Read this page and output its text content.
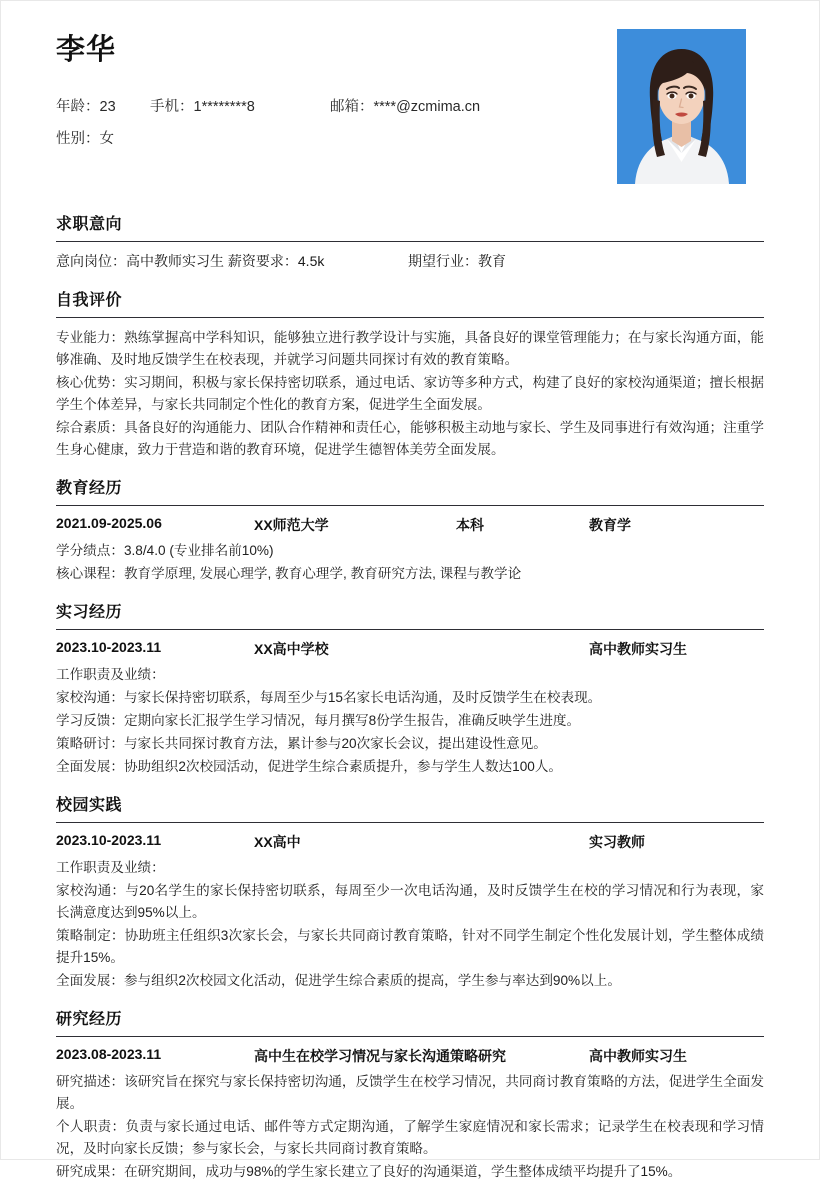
李华
年龄： 23 手机： 1********8	邮箱： ****@zcmima.cn
性别： 女
求职意向
意向岗位：高中教师实习生 薪资要求：4.5k	期望行业：教育
自我评价
专业能力：熟练掌握高中学科知识，能够独立进行教学设计与实施，具备良好的课堂管理能力；在与家长沟通方面，能够准确、及时地反馈学生在校表现，并就学习问题共同探讨有效的教育策略。
核心优势：实习期间，积极与家长保持密切联系，通过电话、家访等多种方式，构建了良好的家校沟通渠道；擅长根据学生个体差异，与家长共同制定个性化的教育方案，促进学生全面发展。
综合素质：具备良好的沟通能力、团队合作精神和责任心，能够积极主动地与家长、学生及同事进行有效沟通；注重学生身心健康，致力于营造和谐的教育环境，促进学生德智体美劳全面发展。
教育经历
2021.09-2025.06	XX师范大学	本科	教育学
学分绩点：3.8/4.0 (专业排名前10%)
核心课程：教育学原理, 发展心理学, 教育心理学, 教育研究方法, 课程与教学论
实习经历
2023.10-2023.11	XX高中学校	高中教师实习生
工作职责及业绩：
家校沟通：与家长保持密切联系，每周至少与15名家长电话沟通，及时反馈学生在校表现。
学习反馈：定期向家长汇报学生学习情况，每月撰写8份学生报告，准确反映学生进度。
策略研讨：与家长共同探讨教育方法，累计参与20次家长会议，提出建设性意见。
全面发展：协助组织2次校园活动，促进学生综合素质提升，参与学生人数达100人。
校园实践
2023.10-2023.11	XX高中	实习教师
工作职责及业绩：
家校沟通：与20名学生的家长保持密切联系，每周至少一次电话沟通，及时反馈学生在校的学习情况和行为表现，家长满意度达到95%以上。
策略制定：协助班主任组织3次家长会，与家长共同商讨教育策略，针对不同学生制定个性化发展计划，学生整体成绩提升15%。
全面发展：参与组织2次校园文化活动，促进学生综合素质的提高，学生参与率达到90%以上。
研究经历
2023.08-2023.11	高中生在校学习情况与家长沟通策略研究	高中教师实习生
研究描述：该研究旨在探究与家长保持密切沟通，反馈学生在校学习情况，共同商讨教育策略的方法，促进学生全面发展。
个人职责：负责与家长通过电话、邮件等方式定期沟通，了解学生家庭情况和家长需求；记录学生在校表现和学习情况，及时向家长反馈；参与家长会，与家长共同商讨教育策略。
研究成果：在研究期间，成功与98%的学生家长建立了良好的沟通渠道，学生整体成绩平均提升了15%。
